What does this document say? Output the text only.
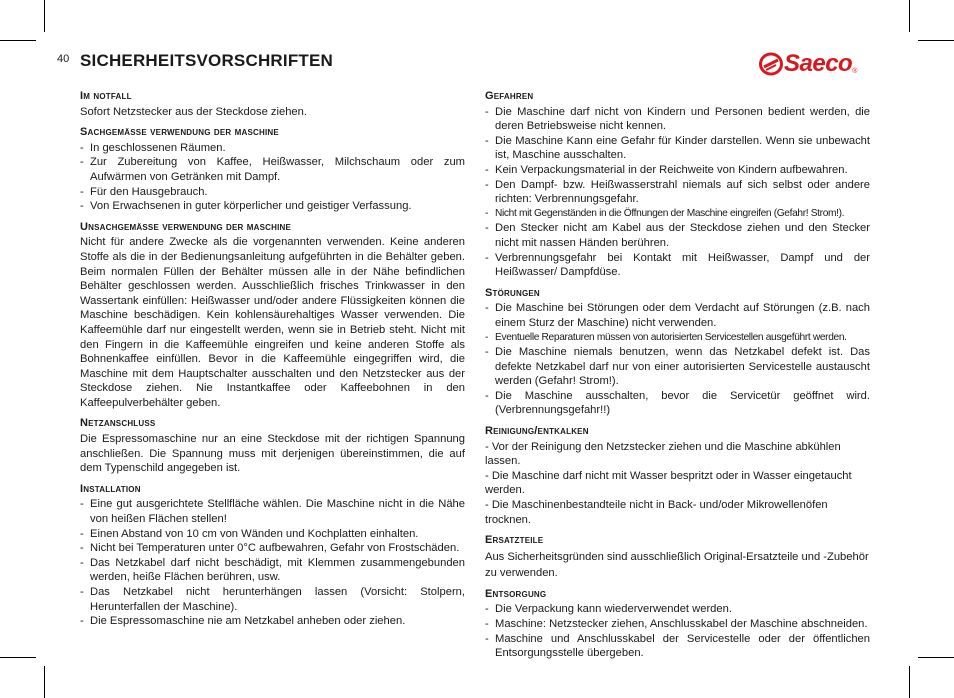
40 SICHERHEITSVORSCHRIFTEN	Saeco ®
Im notfall
Sofort Netzstecker aus der Steckdose ziehen.
Sachgemässe verwendung der maschine
- In geschlossenen Räumen.
- Zur Zubereitung von Kaffee, Heißwasser, Milchschaum oder zum Aufwärmen von Getränken mit Dampf.
- Für den Hausgebrauch.
- Von Erwachsenen in guter körperlicher und geistiger Verfassung.
Unsachgemässe verwendung der maschine
Nicht für andere Zwecke als die vorgenannten verwenden. Keine anderen Stoffe als die in der Bedienungsanleitung aufgeführten in die Behälter geben. Beim normalen Füllen der Behälter müssen alle in der Nähe befindlichen Behälter geschlossen werden. Ausschließlich frisches Trinkwasser in den Wassertank einfüllen: Heißwasser und/oder andere Flüssigkeiten können die Maschine beschädigen. Kein kohlensäurehaltiges Wasser verwenden. Die Kaffeemühle darf nur eingestellt werden, wenn sie in Betrieb steht. Nicht mit den Fingern in die Kaffeemühle eingreifen und keine anderen Stoffe als Bohnenkaffee einfüllen. Bevor in die Kaffeemühle eingegriffen wird, die Maschine mit dem Hauptschalter ausschalten und den Netzstecker aus der Steckdose ziehen. Nie Instantkaffee oder Kaffeebohnen in den Kaffeepulverbehälter geben.
Netzanschluss
Die Espressomaschine nur an eine Steckdose mit der richtigen Spannung anschließen. Die Spannung muss mit derjenigen übereinstimmen, die auf dem Typenschild angegeben ist.
Installation
- Eine gut ausgerichtete Stellfläche wählen. Die Maschine nicht in die Nähe von heißen Flächen stellen!
- Einen Abstand von 10 cm von Wänden und Kochplatten einhalten.
- Nicht bei Temperaturen unter 0°C aufbewahren, Gefahr von Frostschäden.
- Das Netzkabel darf nicht beschädigt, mit Klemmen zusammengebunden werden, heiße Flächen berühren, usw.
- Das Netzkabel nicht herunterhängen lassen (Vorsicht: Stolpern, Herunterfallen der Maschine).
- Die Espressomaschine nie am Netzkabel anheben oder ziehen.
Gefahren
- Die Maschine darf nicht von Kindern und Personen bedient werden, die deren Betriebsweise nicht kennen.
- Die Maschine Kann eine Gefahr für Kinder darstellen. Wenn sie unbewacht ist, Maschine ausschalten.
- Kein Verpackungsmaterial in der Reichweite von Kindern aufbewahren.
- Den Dampf- bzw. Heißwasserstrahl niemals auf sich selbst oder andere richten: Verbrennungsgefahr.
- Nicht mit Gegenständen in die Öffnungen der Maschine eingreifen (Gefahr! Strom!).
- Den Stecker nicht am Kabel aus der Steckdose ziehen und den Stecker nicht mit nassen Händen berühren.
- Verbrennungsgefahr bei Kontakt mit Heißwasser, Dampf und der Heißwasser/ Dampfdüse.
Störungen
- Die Maschine bei Störungen oder dem Verdacht auf Störungen (z.B. nach einem Sturz der Maschine) nicht verwenden.
- Eventuelle Reparaturen müssen von autorisierten Servicestellen ausgeführt werden.
- Die Maschine niemals benutzen, wenn das Netzkabel defekt ist. Das defekte Netzkabel darf nur von einer autorisierten Servicestelle austauscht werden (Gefahr! Strom!).
- Die Maschine ausschalten, bevor die Servicetür geöffnet wird. (Verbrennungsgefahr!!)
Reinigung/entkalken
- Vor der Reinigung den Netzstecker ziehen und die Maschine abkühlen lassen.
- Die Maschine darf nicht mit Wasser bespritzt oder in Wasser eingetaucht werden.
- Die Maschinenbestandteile nicht in Back- und/oder Mikrowellenöfen trocknen.
Ersatzteile
Aus Sicherheitsgründen sind ausschließlich Original-Ersatzteile und -Zubehör zu verwenden.
Entsorgung
- Die Verpackung kann wiederverwendet werden.
- Maschine: Netzstecker ziehen, Anschlusskabel der Maschine abschneiden.
- Maschine und Anschlusskabel der Servicestelle oder der öffentlichen Entsorgungsstelle übergeben.
